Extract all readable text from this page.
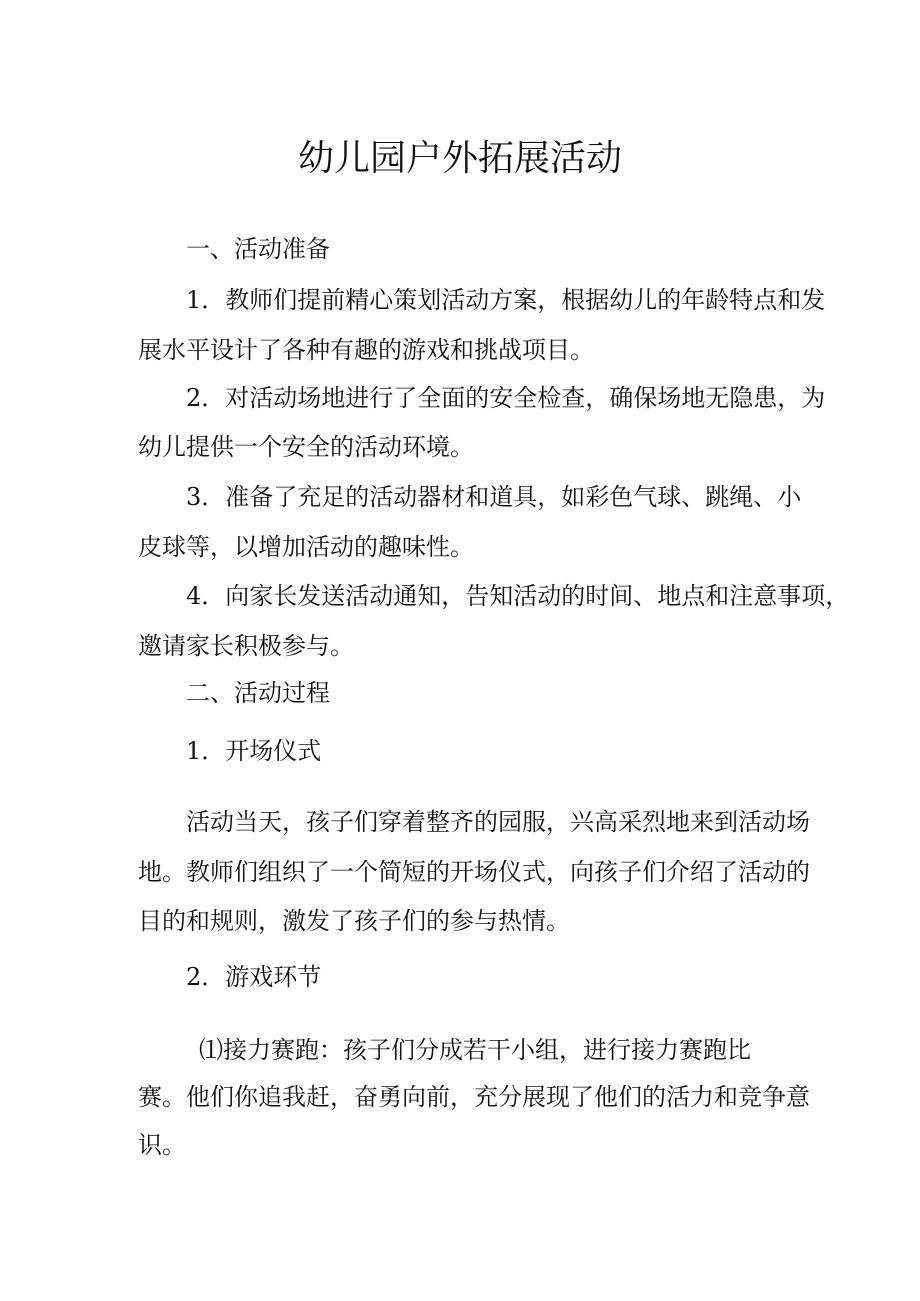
幼儿园户外拓展活动
一、活动准备
1．教师们提前精心策划活动方案，根据幼儿的年龄特点和发
展水平设计了各种有趣的游戏和挑战项目。
2．对活动场地进行了全面的安全检查，确保场地无隐患，为
幼儿提供一个安全的活动环境。
3．准备了充足的活动器材和道具，如彩色气球、跳绳、小
皮球等，以增加活动的趣味性。
4．向家长发送活动通知，告知活动的时间、地点和注意事项，
邀请家长积极参与。
二、活动过程
1．开场仪式
活动当天，孩子们穿着整齐的园服，兴高采烈地来到活动场
地。教师们组织了一个简短的开场仪式，向孩子们介绍了活动的
目的和规则，激发了孩子们的参与热情。
2．游戏环节
⑴接力赛跑：孩子们分成若干小组，进行接力赛跑比
赛。他们你追我赶，奋勇向前，充分展现了他们的活力和竞争意
识。
